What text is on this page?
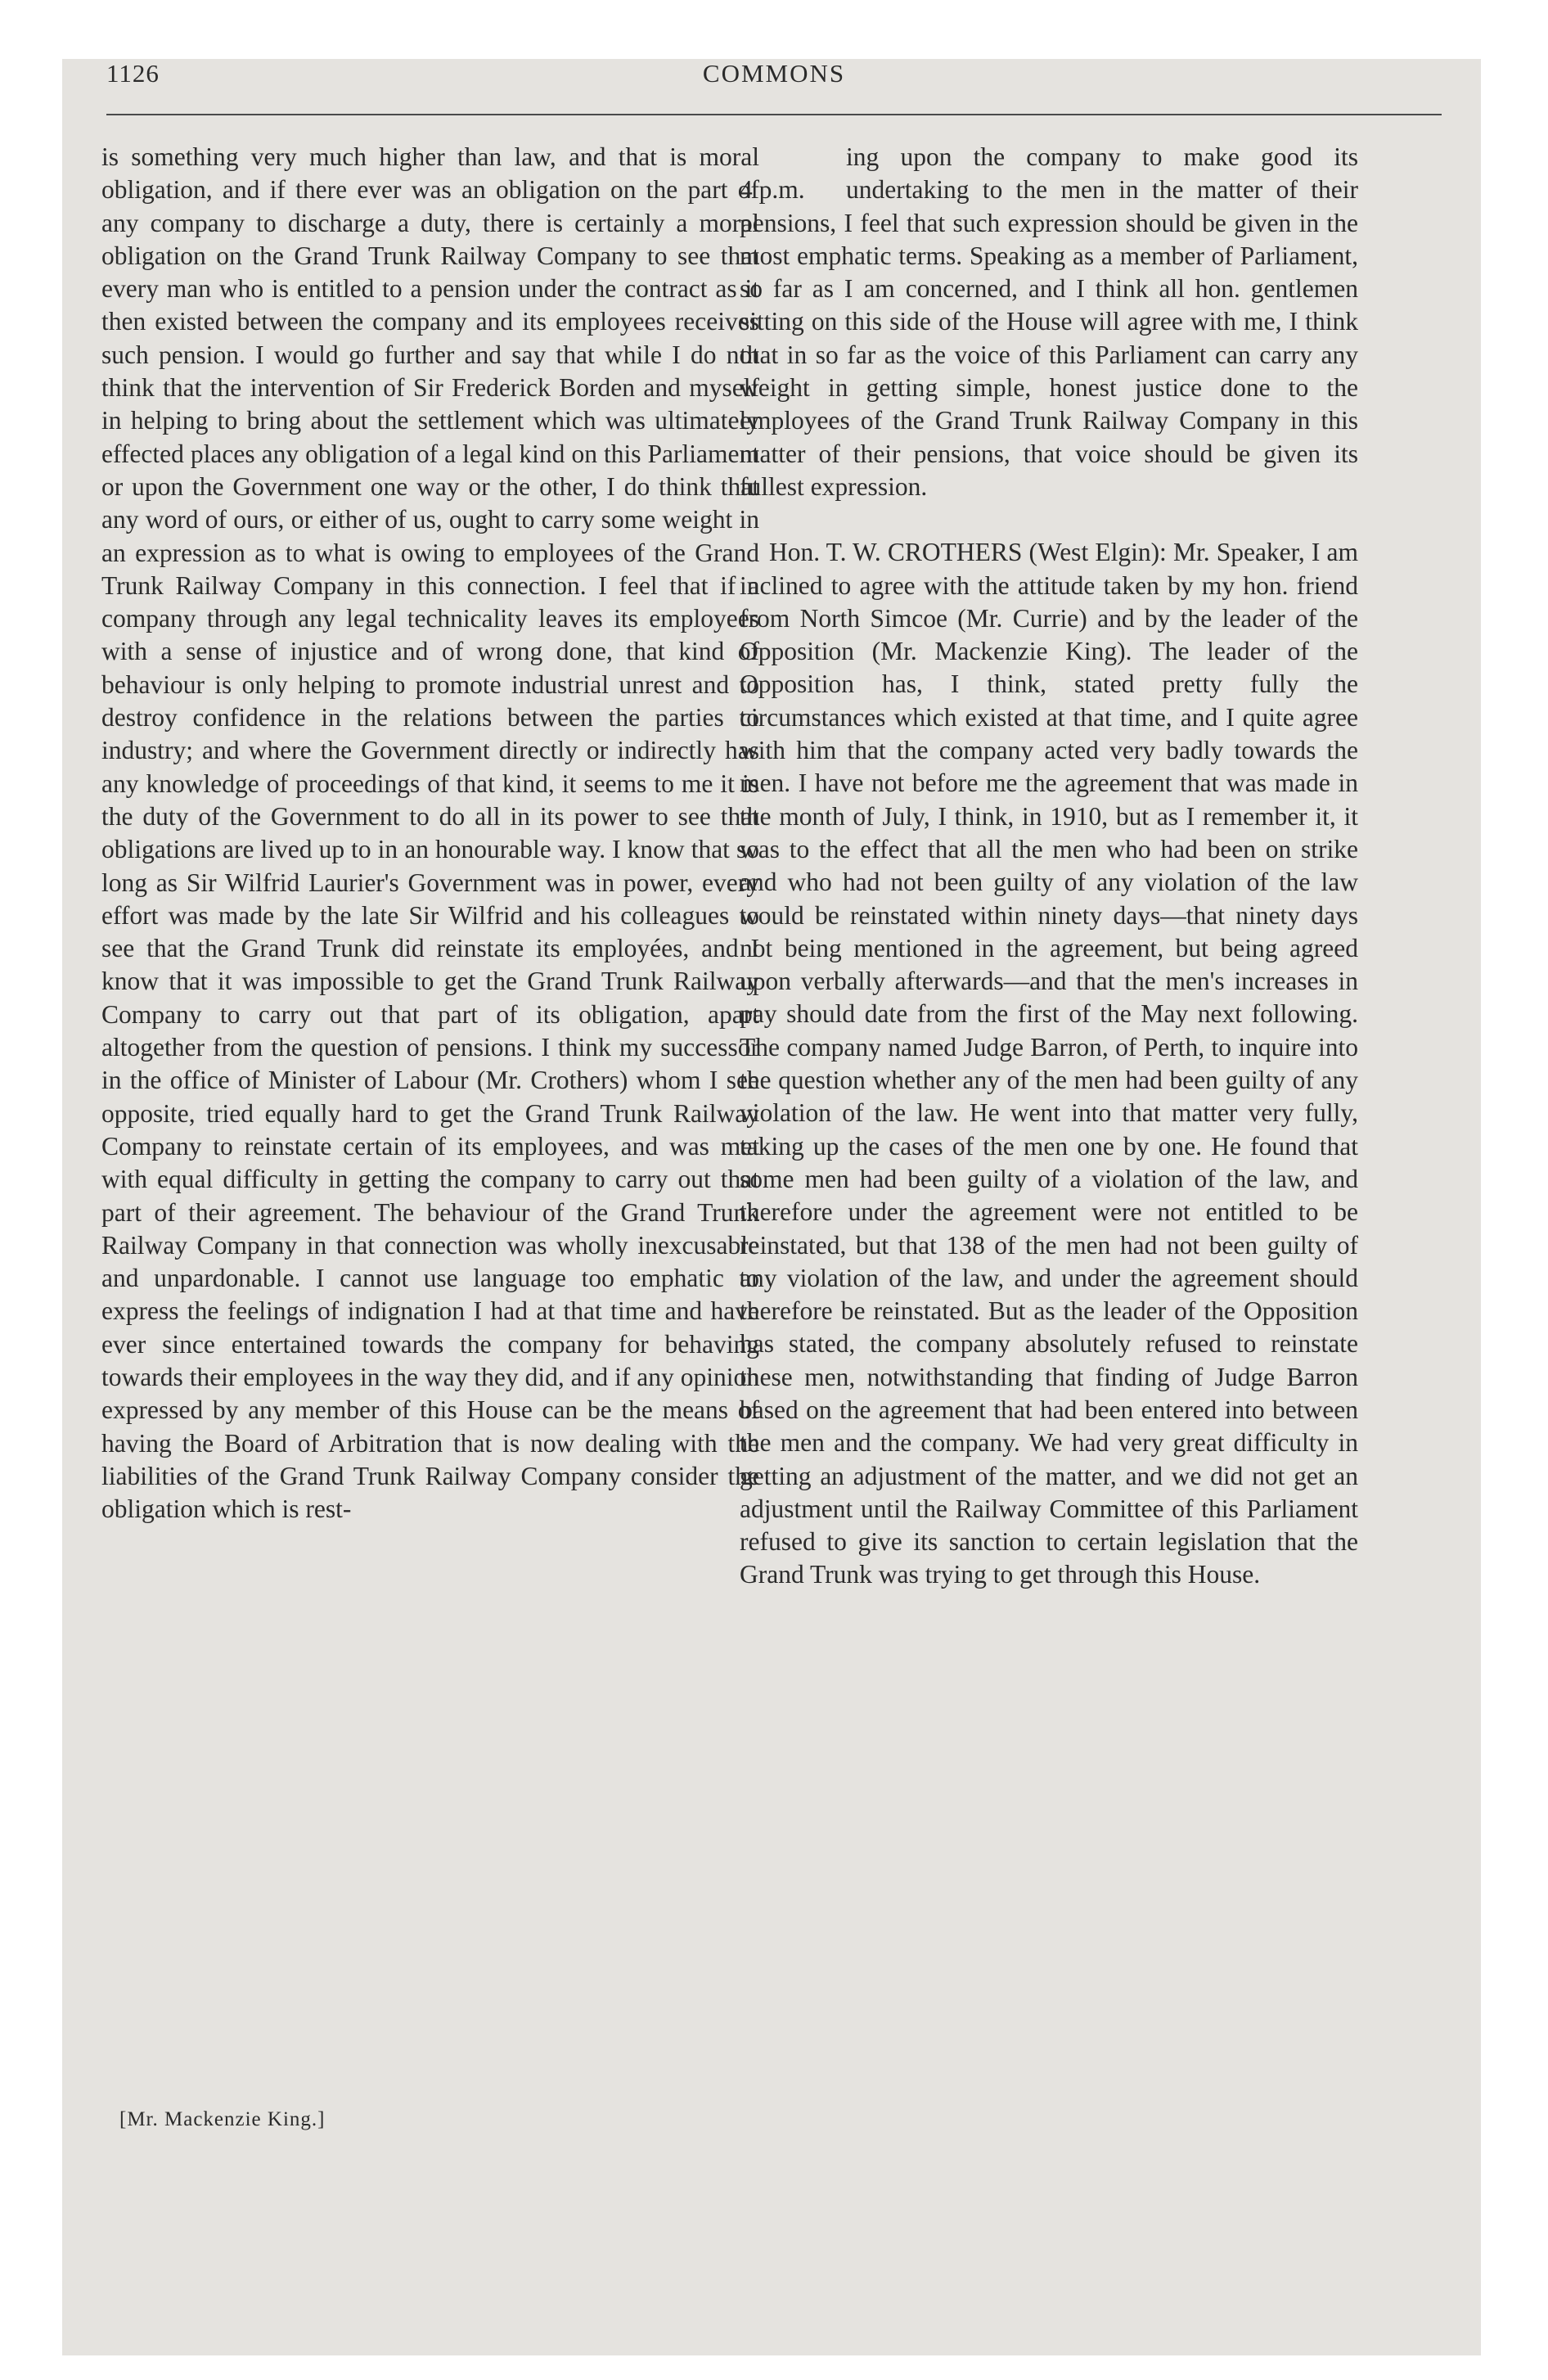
1126	COMMONS

is something very much higher than law, and that is moral obligation, and if there ever was an obligation on the part of any company to discharge a duty, there is certainly a moral obligation on the Grand Trunk Railway Company to see that every man who is entitled to a pension under the contract as it then existed between the company and its employees receives such pension. I would go further and say that while I do not think that the intervention of Sir Frederick Borden and myself in helping to bring about the settlement which was ultimately effected places any obligation of a legal kind on this Parliament or upon the Government one way or the other, I do think that any word of ours, or either of us, ought to carry some weight in an expression as to what is owing to employees of the Grand Trunk Railway Company in this connection. I feel that if a company through any legal technicality leaves its employees with a sense of injustice and of wrong done, that kind of behaviour is only helping to promote industrial unrest and to destroy confidence in the relations between the parties to industry; and where the Government directly or indirectly has any knowledge of proceedings of that kind, it seems to me it is the duty of the Government to do all in its power to see that obligations are lived up to in an honourable way. I know that so long as Sir Wilfrid Laurier's Government was in power, every effort was made by the late Sir Wilfrid and his colleagues to see that the Grand Trunk did reinstate its employées, and I know that it was impossible to get the Grand Trunk Railway Company to carry out that part of its obligation, apart altogether from the question of pensions. I think my successor in the office of Minister of Labour (Mr. Crothers) whom I see opposite, tried equally hard to get the Grand Trunk Railway Company to reinstate certain of its employees, and was met with equal difficulty in getting the company to carry out that part of their agreement. The behaviour of the Grand Trunk Railway Company in that connection was wholly inexcusable and unpardonable. I cannot use language too emphatic to express the feelings of indignation I had at that time and have ever since entertained towards the company for behaving towards their employees in the way they did, and if any opinion expressed by any member of this House can be the means of having the Board of Arbitration that is now dealing with the liabilities of the Grand Trunk Railway Company consider the obligation which is rest-

4 p.m.
ing upon the company to make good its undertaking to the men in the matter of their pensions, I feel that such expression should be given in the most emphatic terms. Speaking as a member of Parliament, so far as I am concerned, and I think all hon. gentlemen sitting on this side of the House will agree with me, I think that in so far as the voice of this Parliament can carry any weight in getting simple, honest justice done to the employees of the Grand Trunk Railway Company in this matter of their pensions, that voice should be given its fullest expression.

Hon. T. W. CROTHERS (West Elgin): Mr. Speaker, I am inclined to agree with the attitude taken by my hon. friend from North Simcoe (Mr. Currie) and by the leader of the Opposition (Mr. Mackenzie King). The leader of the Opposition has, I think, stated pretty fully the circumstances which existed at that time, and I quite agree with him that the company acted very badly towards the men. I have not before me the agreement that was made in the month of July, I think, in 1910, but as I remember it, it was to the effect that all the men who had been on strike and who had not been guilty of any violation of the law would be reinstated within ninety days—that ninety days not being mentioned in the agreement, but being agreed upon verbally afterwards—and that the men's increases in pay should date from the first of the May next following. The company named Judge Barron, of Perth, to inquire into the question whether any of the men had been guilty of any violation of the law. He went into that matter very fully, taking up the cases of the men one by one. He found that some men had been guilty of a violation of the law, and therefore under the agreement were not entitled to be reinstated, but that 138 of the men had not been guilty of any violation of the law, and under the agreement should therefore be reinstated. But as the leader of the Opposition has stated, the company absolutely refused to reinstate these men, notwithstanding that finding of Judge Barron based on the agreement that had been entered into between the men and the company. We had very great difficulty in getting an adjustment of the matter, and we did not get an adjustment until the Railway Committee of this Parliament refused to give its sanction to certain legislation that the Grand Trunk was trying to get through this House.

[Mr. Mackenzie King.]
